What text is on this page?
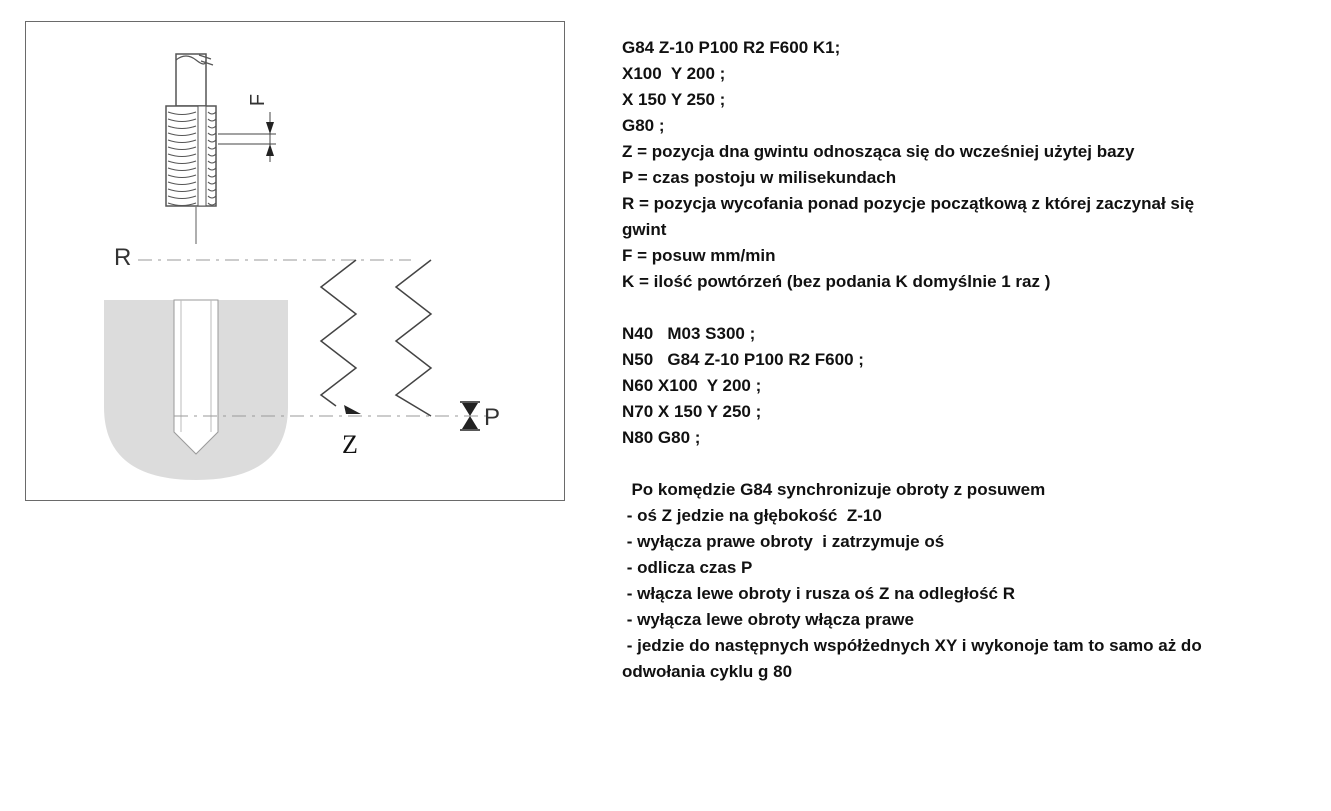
R
F
Z
P
G84 Z-10 P100 R2 F600 K1;
X100  Y 200 ;
X 150 Y 250 ;
G80 ;
Z = pozycja dna gwintu odnosząca się do wcześniej użytej bazy
P = czas postoju w milisekundach
R = pozycja wycofania ponad pozycje początkową z której zaczynał się gwint
F = posuw mm/min
K = ilość powtórzeń (bez podania K domyślnie 1 raz )
N40   M03 S300 ;
N50   G84 Z-10 P100 R2 F600 ;
N60 X100  Y 200 ;
N70 X 150 Y 250 ;
N80 G80 ;
Po komędzie G84 synchronizuje obroty z posuwem
- oś Z jedzie na głębokość  Z-10
- wyłącza prawe obroty  i zatrzymuje oś
- odlicza czas P
- włącza lewe obroty i rusza oś Z na odległość R
- wyłącza lewe obroty włącza prawe
- jedzie do następnych współżednych XY i wykonoje tam to samo aż do odwołania cyklu g 80
